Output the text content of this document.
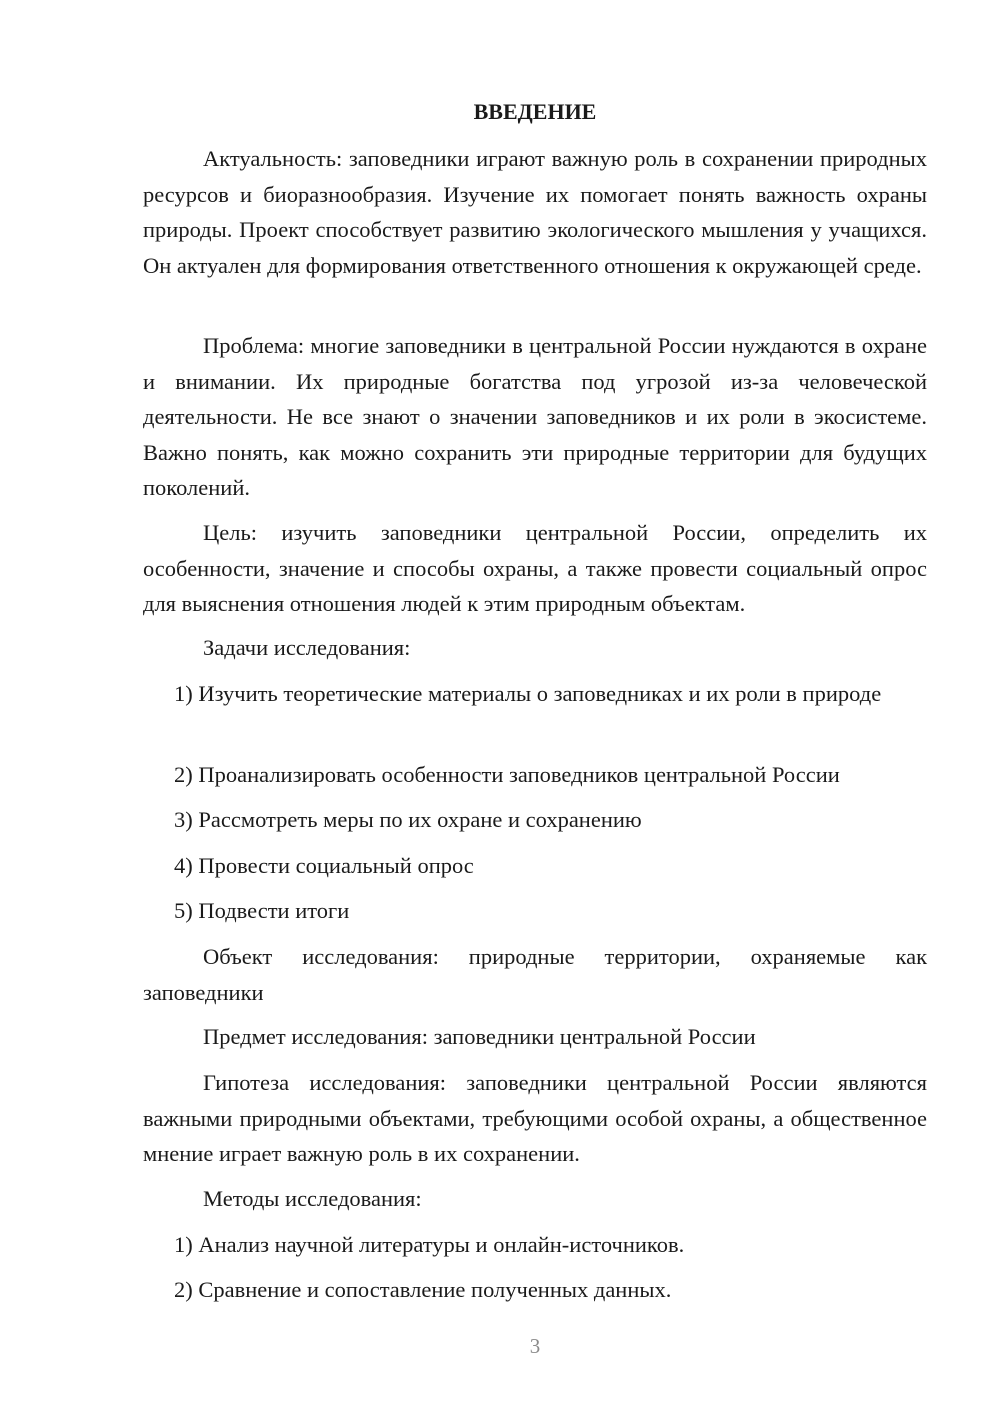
ВВЕДЕНИЕ

Актуальность: заповедники играют важную роль в сохранении природных ресурсов и биоразнообразия. Изучение их помогает понять важность охраны природы. Проект способствует развитию экологического мышления у учащихся. Он актуален для формирования ответственного отношения к окружающей среде.

Проблема: многие заповедники в центральной России нуждаются в охране и внимании. Их природные богатства под угрозой из-за человеческой деятельности. Не все знают о значении заповедников и их роли в экосистеме. Важно понять, как можно сохранить эти природные территории для будущих поколений.

Цель: изучить заповедники центральной России, определить их особенности, значение и способы охраны, а также провести социальный опрос для выяснения отношения людей к этим природным объектам.

Задачи исследования:

1) Изучить теоретические материалы о заповедниках и их роли в природе

2) Проанализировать особенности заповедников центральной России

3) Рассмотреть меры по их охране и сохранению

4) Провести социальный опрос

5) Подвести итоги

Объект исследования: природные территории, охраняемые как заповедники

Предмет исследования: заповедники центральной России

Гипотеза исследования: заповедники центральной России являются важными природными объектами, требующими особой охраны, а общественное мнение играет важную роль в их сохранении.

Методы исследования:

1) Анализ научной литературы и онлайн-источников.

2) Сравнение и сопоставление полученных данных.

3
